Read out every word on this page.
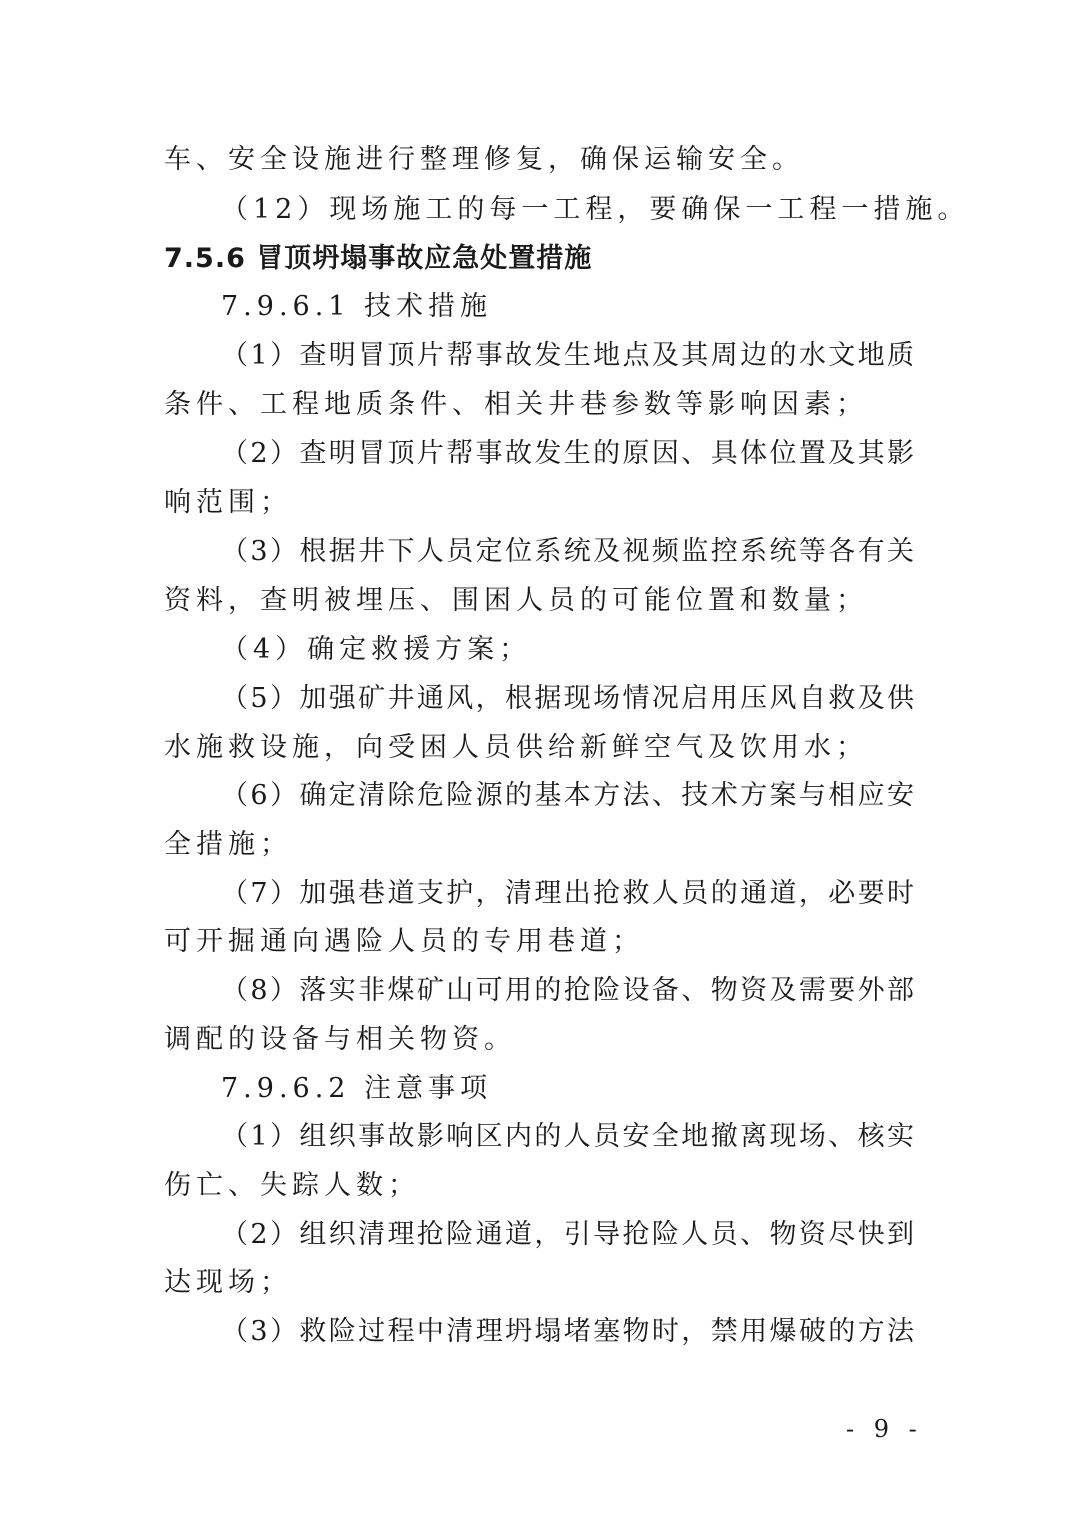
车、安全设施进行整理修复，确保运输安全。
（12）现场施工的每一工程，要确保一工程一措施。
7.5.6 冒顶坍塌事故应急处置措施
7.9.6.1 技术措施
（1）查明冒顶片帮事故发生地点及其周边的水文地质
条件、工程地质条件、相关井巷参数等影响因素；
（2）查明冒顶片帮事故发生的原因、具体位置及其影
响范围；
（3）根据井下人员定位系统及视频监控系统等各有关
资料，查明被埋压、围困人员的可能位置和数量；
（4）确定救援方案；
（5）加强矿井通风，根据现场情况启用压风自救及供
水施救设施，向受困人员供给新鲜空气及饮用水；
（6）确定清除危险源的基本方法、技术方案与相应安
全措施；
（7）加强巷道支护，清理出抢救人员的通道，必要时
可开掘通向遇险人员的专用巷道；
（8）落实非煤矿山可用的抢险设备、物资及需要外部
调配的设备与相关物资。
7.9.6.2 注意事项
（1）组织事故影响区内的人员安全地撤离现场、核实
伤亡、失踪人数；
（2）组织清理抢险通道，引导抢险人员、物资尽快到
达现场；
（3）救险过程中清理坍塌堵塞物时，禁用爆破的方法
- 9 -
